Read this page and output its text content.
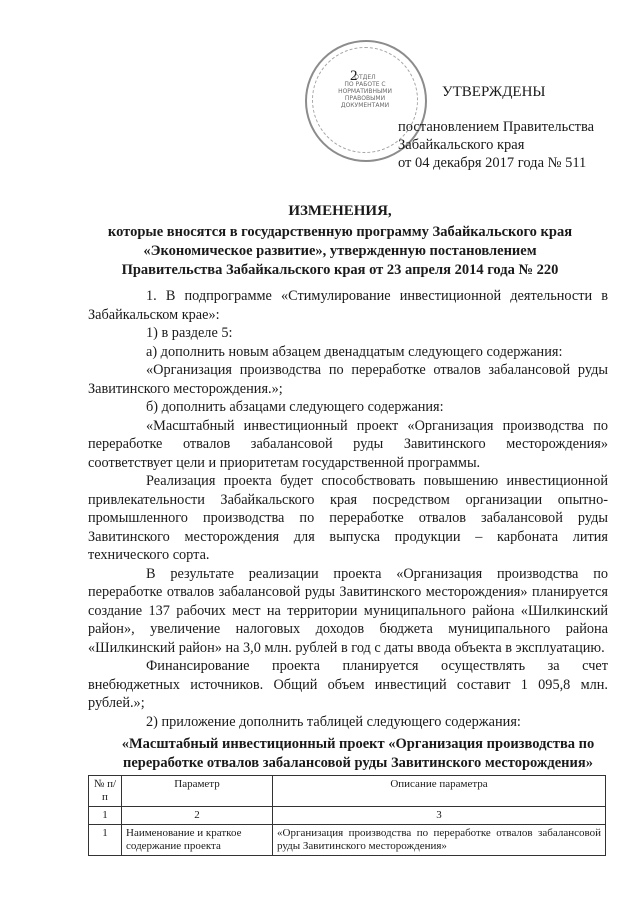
2
ОТДЕЛ
ПО РАБОТЕ С
НОРМАТИВНЫМИ
ПРАВОВЫМИ
ДОКУМЕНТАМИ
УТВЕРЖДЕНЫ
постановлением Правительства
Забайкальского края
от 04 декабря 2017 года № 511
ИЗМЕНЕНИЯ,
которые вносятся в государственную программу Забайкальского края
«Экономическое развитие», утвержденную постановлением
Правительства Забайкальского края от 23 апреля 2014 года № 220

1. В подпрограмме «Стимулирование инвестиционной деятельности в Забайкальском крае»:

1) в разделе 5:

а) дополнить новым абзацем двенадцатым следующего содержания:

«Организация производства по переработке отвалов забалансовой руды Завитинского месторождения.»;

б) дополнить абзацами следующего содержания:

«Масштабный инвестиционный проект «Организация производства по переработке отвалов забалансовой руды Завитинского месторождения» соответствует цели и приоритетам государственной программы.

Реализация проекта будет способствовать повышению инвестиционной привлекательности Забайкальского края посредством организации опытно-промышленного производства по переработке отвалов забалансовой руды Завитинского месторождения для выпуска продукции – карбоната лития технического сорта.

В результате реализации проекта «Организация производства по переработке отвалов забалансовой руды Завитинского месторождения» планируется создание 137 рабочих мест на территории муниципального района «Шилкинский район», увеличение налоговых доходов бюджета муниципального района «Шилкинский район» на 3,0 млн. рублей в год с даты ввода объекта в эксплуатацию.

Финансирование проекта планируется осуществлять за счет внебюджетных источников. Общий объем инвестиций составит 1 095,8 млн. рублей.»;

2) приложение дополнить таблицей следующего содержания:

«Масштабный инвестиционный проект «Организация производства по
переработке отвалов забалансовой руды Завитинского месторождения»
№ п/п	Параметр	Описание параметра
1	2	3
1	Наименование и краткое содержание проекта	«Организация производства по переработке отвалов забалансовой руды Завитинского месторождения»
